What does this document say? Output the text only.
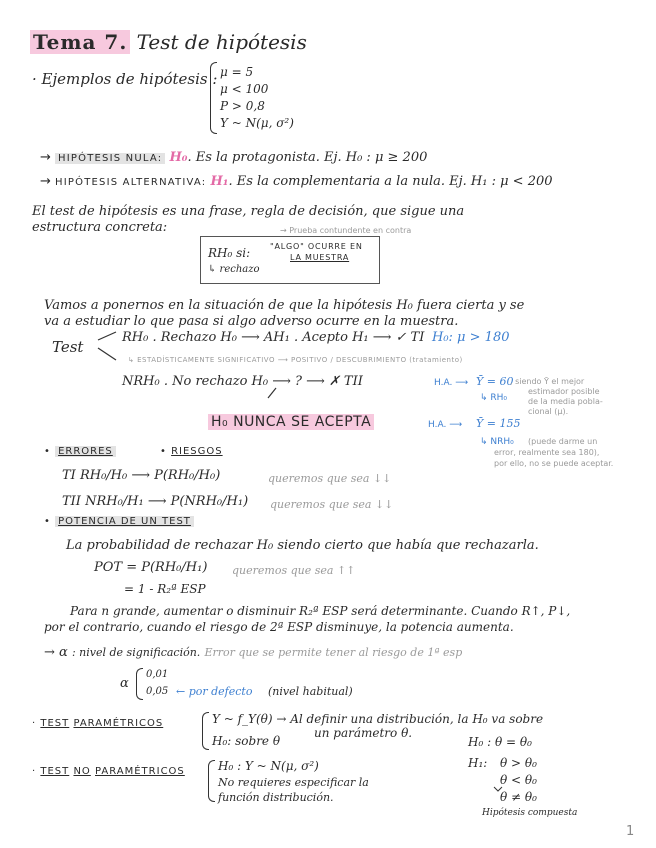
Tema 7. Test de hipótesis
· Ejemplos de hipótesis : μ = 5
μ < 100
P > 0,8
Y ~ N(μ, σ²)
→ HIPÓTESIS NULA: H₀. Es la protagonista. Ej. H₀ : μ ≥ 200
→ HIPÓTESIS ALTERNATIVA: H₁. Es la complementaria a la nula. Ej. H₁ : μ < 200
El test de hipótesis es una frase, regla de decisión, que sigue una
estructura concreta:	→ Prueba contundente en contra
RH₀ si: "ALGO" OCURRE EN
LA MUESTRA
↳ rechazo
Vamos a ponernos en la situación de que la hipótesis H₀ fuera cierta y se
va a estudiar lo que pasa si algo adverso ocurre en la muestra.
Test
RH₀ . Rechazo H₀ ⟶ AH₁ . Acepto H₁ ⟶ ✓ TI H₀: μ > 180
↳ ESTADÍSTICAMENTE SIGNIFICATIVO ⟶ POSITIVO / DESCUBRIMIENTO (tratamiento)
NRH₀ . No rechazo H₀ ⟶ ? ⟶ ✗ TII	H.A. ⟶ Ȳ = 60
, siendo Ȳ el mejor
estimador posible
↳ RH₀	de la media pobla-
cional (μ).
H₀ NUNCA SE ACEPTA	H.A. ⟶ Ȳ = 155
↳ NRH₀ (puede darme un
error, realmente sea 180),
por ello, no se puede aceptar.
• ERRORES	• RIESGOS
TI RH₀/H₀ ⟶ P(RH₀/H₀)	queremos que sea ↓↓
TII NRH₀/H₁ ⟶ P(NRH₀/H₁) queremos que sea ↓↓
• POTENCIA DE UN TEST
La probabilidad de rechazar H₀ siendo cierto que había que rechazarla.
POT = P(RH₀/H₁) queremos que sea ↑↑
= 1 - R₂ª ESP
Para n grande, aumentar o disminuir R₂ª ESP será determinante. Cuando R↑, P↓,
por el contrario, cuando el riesgo de 2ª ESP disminuye, la potencia aumenta.
→ α : nivel de significación. Error que se permite tener al riesgo de 1ª esp
α
0,01
0,05 ← por defecto (nivel habitual)
· TEST PARAMÉTRICOS	Y ~ f_Y(θ) → Al definir una distribución, la H₀ va sobre
un parámetro θ.
H₀: sobre θ	H₀ : θ = θ₀
H₁: θ > θ₀
θ < θ₀
θ ≠ θ₀
Hipótesis compuesta
· TEST NO PARAMÉTRICOS	H₀ : Y ~ N(μ, σ²)
No requieres especificar la
función distribución.
1
